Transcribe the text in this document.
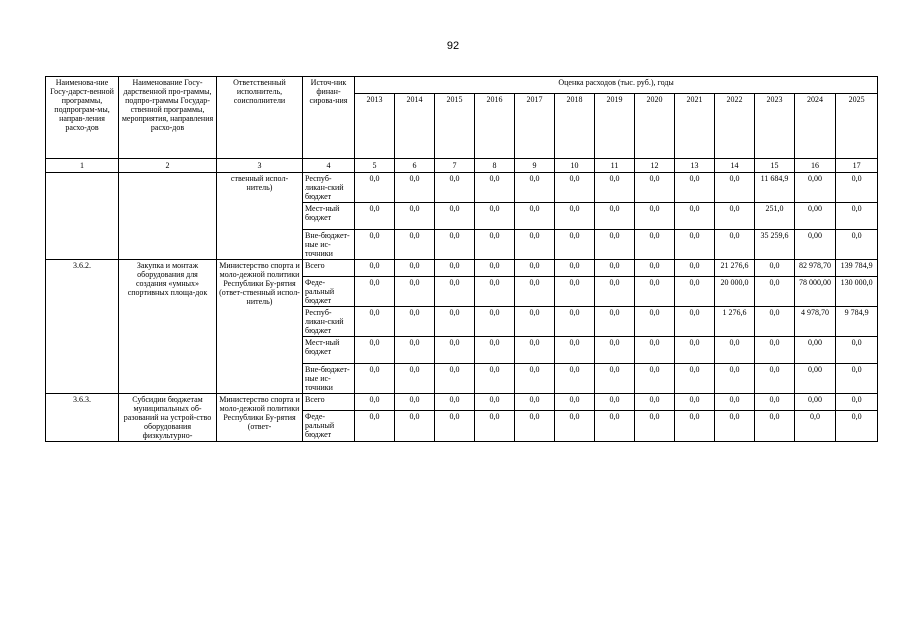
92
Наименова-ние Госу-дарст-венной программы, подпрограм-мы, направ-ления расхо-дов	Наименование Госу-дарственной про-граммы, подпро-граммы Государ-ственной программы, мероприятия, направления расхо-дов	Ответственный исполнитель, соисполнители	Источ-ник финан-сирова-ния	Оценка расходов (тыс. руб.), годы												
				2013	2014	2015	2016	2017	2018	2019	2020	2021	2022	2023	2024	2025
1	2	3	4	5	6	7	8	9	10	11	12	13	14	15	16	17
		ственный испол-нитель)	Респуб-ликан-ский бюджет	0,0	0,0	0,0	0,0	0,0	0,0	0,0	0,0	0,0	0,0	11 684,9	0,00	0,0
			Мест-ный бюджет	0,0	0,0	0,0	0,0	0,0	0,0	0,0	0,0	0,0	0,0	251,0	0,00	0,0
			Вне-бюджет-ные ис-точники	0,0	0,0	0,0	0,0	0,0	0,0	0,0	0,0	0,0	0,0	35 259,6	0,00	0,0
3.6.2.	Закупка и монтаж оборудования для создания «умных» спортивных площа-док	Министерство спорта и моло-дежной политики Республики Бу-рятия (ответ-ственный испол-нитель)	Всего	0,0	0,0	0,0	0,0	0,0	0,0	0,0	0,0	0,0	21 276,6	0,0	82 978,70	139 784,9
			Феде-ральный бюджет	0,0	0,0	0,0	0,0	0,0	0,0	0,0	0,0	0,0	20 000,0	0,0	78 000,00	130 000,0
			Респуб-ликан-ский бюджет	0,0	0,0	0,0	0,0	0,0	0,0	0,0	0,0	0,0	1 276,6	0,0	4 978,70	9 784,9
			Мест-ный бюджет	0,0	0,0	0,0	0,0	0,0	0,0	0,0	0,0	0,0	0,0	0,0	0,00	0,0
			Вне-бюджет-ные ис-точники	0,0	0,0	0,0	0,0	0,0	0,0	0,0	0,0	0,0	0,0	0,0	0,00	0,0
3.6.3.	Субсидии бюджетам муниципальных об-разований на устрой-ство оборудования физкультурно-	Министерство спорта и моло-дежной политики Республики Бу-рятия (ответ-	Всего	0,0	0,0	0,0	0,0	0,0	0,0	0,0	0,0	0,0	0,0	0,0	0,00	0,0
			Феде-ральный бюджет	0,0	0,0	0,0	0,0	0,0	0,0	0,0	0,0	0,0	0,0	0,0	0,0	0,0
